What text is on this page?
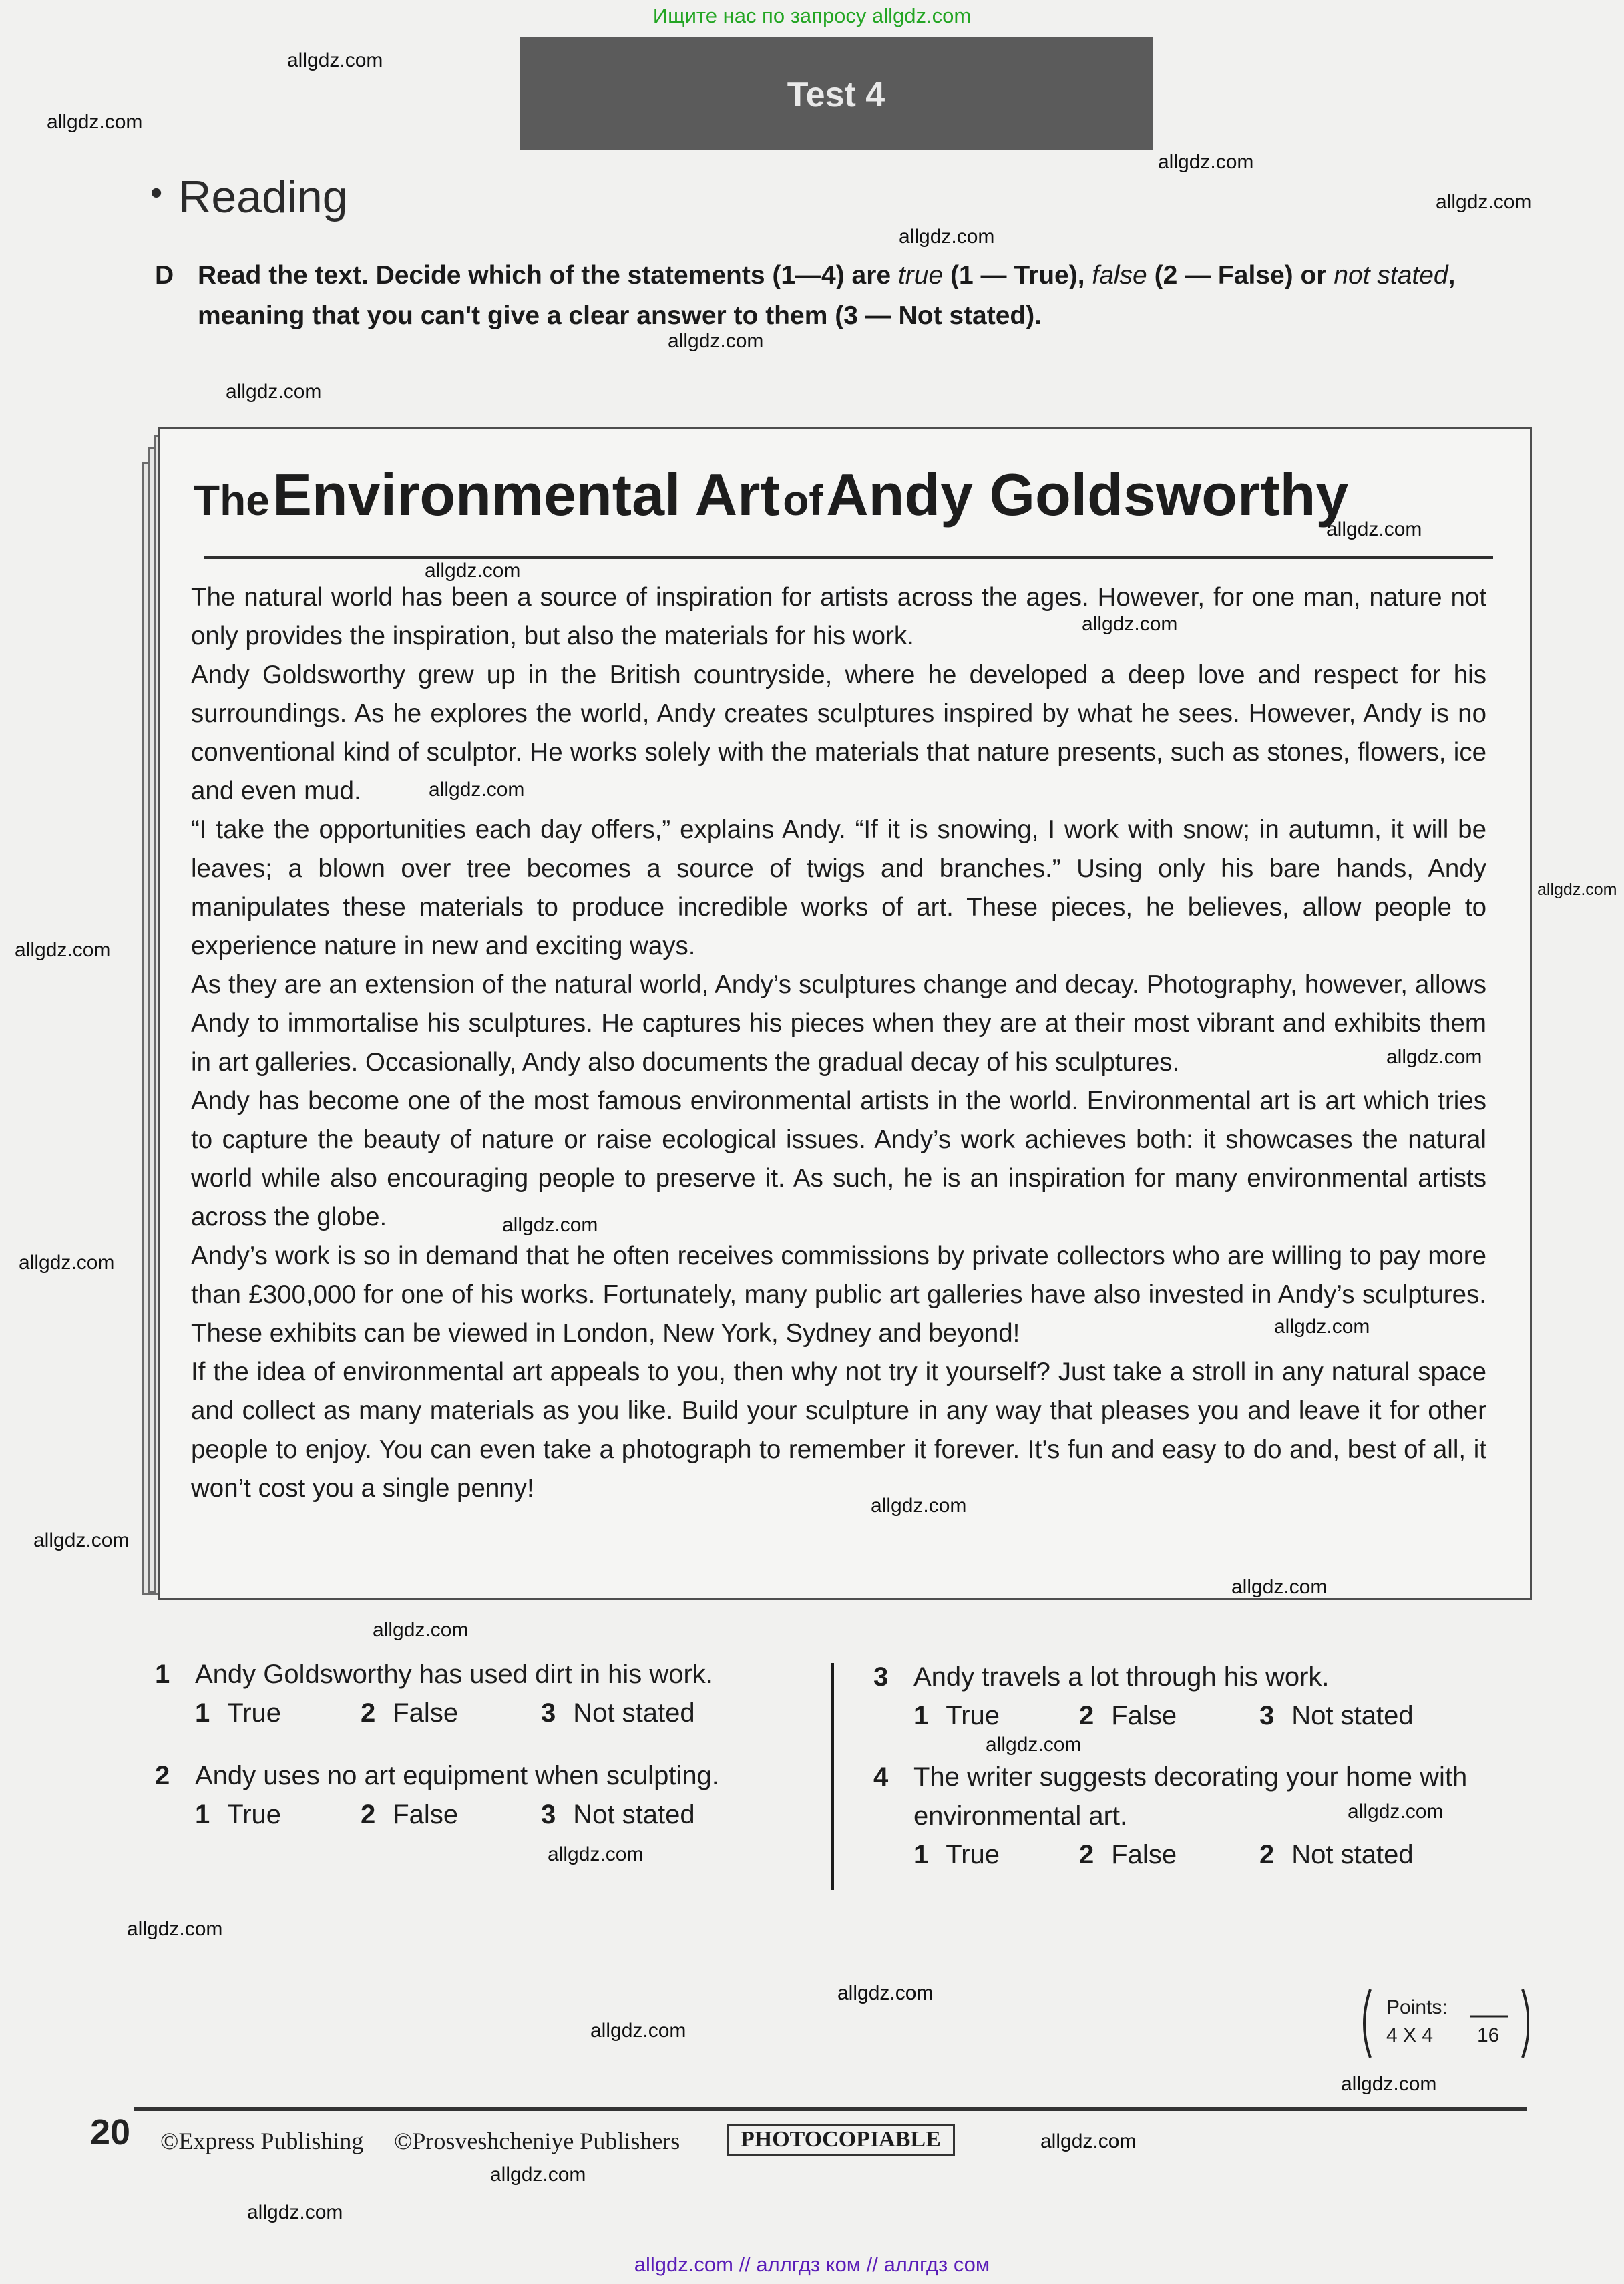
Ищите нас по запросу allgdz.com
allgdz.com // аллгдз ком // аллгдз сом
Test 4
• Reading
D Read the text. Decide which of the statements (1—4) are true (1 — True), false (2 — False) or not stated, meaning that you can't give a clear answer to them (3 — Not stated).
The Environmental Art of Andy Goldsworthy

The natural world has been a source of inspiration for artists across the ages. However, for one man, nature not only provides the inspiration, but also the materials for his work.

Andy Goldsworthy grew up in the British countryside, where he developed a deep love and respect for his surroundings. As he explores the world, Andy creates sculptures inspired by what he sees. However, Andy is no conventional kind of sculptor. He works solely with the materials that nature presents, such as stones, flowers, ice and even mud.

“I take the opportunities each day offers,” explains Andy. “If it is snowing, I work with snow; in autumn, it will be leaves; a blown over tree becomes a source of twigs and branches.” Using only his bare hands, Andy manipulates these materials to produce incredible works of art. These pieces, he believes, allow people to experience nature in new and exciting ways.

As they are an extension of the natural world, Andy’s sculptures change and decay. Photography, however, allows Andy to immortalise his sculptures. He captures his pieces when they are at their most vibrant and exhibits them in art galleries. Occasionally, Andy also documents the gradual decay of his sculptures.

Andy has become one of the most famous environmental artists in the world. Environmental art is art which tries to capture the beauty of nature or raise ecological issues. Andy’s work achieves both: it showcases the natural world while also encouraging people to preserve it. As such, he is an inspiration for many environmental artists across the globe.

Andy’s work is so in demand that he often receives commissions by private collectors who are willing to pay more than £300,000 for one of his works. Fortunately, many public art galleries have also invested in Andy’s sculptures. These exhibits can be viewed in London, New York, Sydney and beyond!

If the idea of environmental art appeals to you, then why not try it yourself? Just take a stroll in any natural space and collect as many materials as you like. Build your sculpture in any way that pleases you and leave it for other people to enjoy. You can even take a photograph to remember it forever. It’s fun and easy to do and, best of all, it won’t cost you a single penny!

1 Andy Goldsworthy has used dirt in his work.
1 True	2 False	3 Not stated
2 Andy uses no art equipment when sculpting.
1 True	2 False	3 Not stated
3 Andy travels a lot through his work.
1 True	2 False	3 Not stated
4 The writer suggests decorating your home with environmental art.
1 True	2 False	2 Not stated
Points:
4 X 4 16
20 ©Express Publishing ©Prosveshcheniye Publishers	PHOTOCOPIABLE
allgdz.com
allgdz.com
allgdz.com
allgdz.com
allgdz.com
allgdz.com
allgdz.com
allgdz.com
allgdz.com
allgdz.com
allgdz.com
allgdz.com
allgdz.com
allgdz.com
allgdz.com
allgdz.com
allgdz.com
allgdz.com
allgdz.com
allgdz.com
allgdz.com
allgdz.com
allgdz.com
allgdz.com
allgdz.com
allgdz.com
allgdz.com
allgdz.com
allgdz.com
allgdz.com
allgdz.com
